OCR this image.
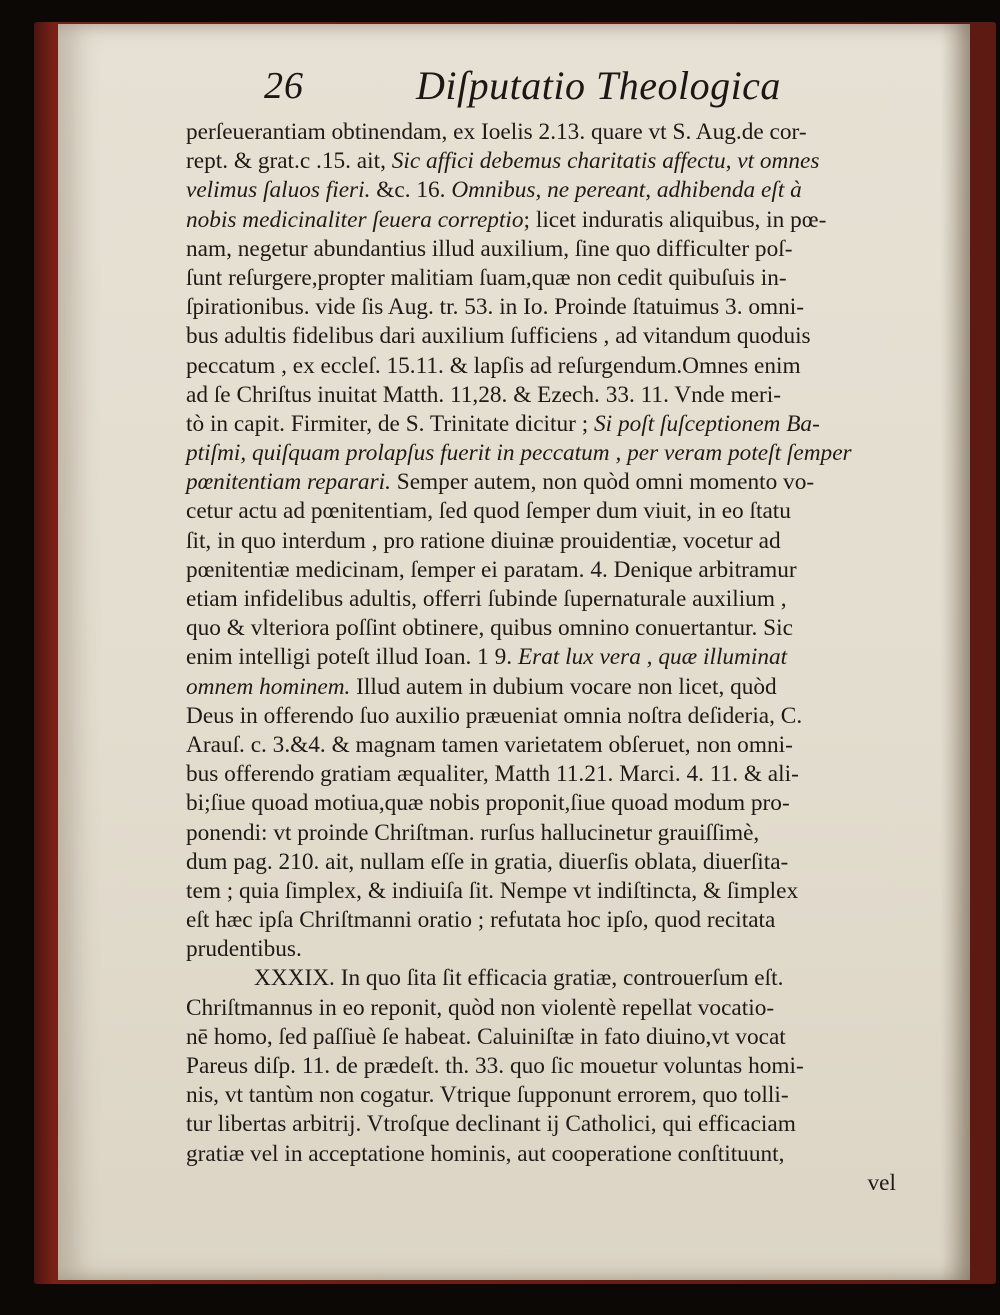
26	Diſputatio Theologica
perſeuerantiam obtinendam, ex Ioelis 2.13. quare vt S. Aug.de cor-
rept. & grat.c .15. ait, Sic affici debemus charitatis affectu, vt omnes
velimus ſaluos fieri. &c. 16. Omnibus, ne pereant, adhibenda eſt à
nobis medicinaliter ſeuera correptio; licet induratis aliquibus, in pœ-
nam, negetur abundantius illud auxilium, ſine quo difficulter poſ-
ſunt reſurgere,propter malitiam ſuam,quæ non cedit quibuſuis in-
ſpirationibus. vide ſis Aug. tr. 53. in Io. Proinde ſtatuimus 3. omni-
bus adultis fidelibus dari auxilium ſufficiens , ad vitandum quoduis
peccatum , ex eccleſ. 15.11. & lapſis ad reſurgendum.Omnes enim
ad ſe Chriſtus inuitat Matth. 11,28. & Ezech. 33. 11. Vnde meri-
tò in capit. Firmiter, de S. Trinitate dicitur ; Si poſt ſuſceptionem Ba-
ptiſmi, quiſquam prolapſus fuerit in peccatum , per veram poteſt ſemper
pœnitentiam reparari. Semper autem, non quòd omni momento vo-
cetur actu ad pœnitentiam, ſed quod ſemper dum viuit, in eo ſtatu
ſit, in quo interdum , pro ratione diuinæ prouidentiæ, vocetur ad
pœnitentiæ medicinam, ſemper ei paratam. 4. Denique arbitramur
etiam infidelibus adultis, offerri ſubinde ſupernaturale auxilium ,
quo & vlteriora poſſint obtinere, quibus omnino conuertantur. Sic
enim intelligi poteſt illud Ioan. 1 9. Erat lux vera , quæ illuminat
omnem hominem. Illud autem in dubium vocare non licet, quòd
Deus in offerendo ſuo auxilio præueniat omnia noſtra deſideria, C.
Arauſ. c. 3.&4. & magnam tamen varietatem obſeruet, non omni-
bus offerendo gratiam æqualiter, Matth 11.21. Marci. 4. 11. & ali-
bi;ſiue quoad motiua,quæ nobis proponit,ſiue quoad modum pro-
ponendi: vt proinde Chriſtman. rurſus hallucinetur grauiſſimè,
dum pag. 210. ait, nullam eſſe in gratia, diuerſis oblata, diuerſita-
tem ; quia ſimplex, & indiuiſa ſit. Nempe vt indiſtincta, & ſimplex
eſt hæc ipſa Chriſtmanni oratio ; refutata hoc ipſo, quod recitata
prudentibus.
XXXIX. In quo ſita ſit efficacia gratiæ, controuerſum eſt.
Chriſtmannus in eo reponit, quòd non violentè repellat vocatio-
nē homo, ſed paſſiuè ſe habeat. Caluiniſtæ in fato diuino,vt vocat
Pareus diſp. 11. de prædeſt. th. 33. quo ſic mouetur voluntas homi-
nis, vt tantùm non cogatur. Vtrique ſupponunt errorem, quo tolli-
tur libertas arbitrij. Vtroſque declinant ij Catholici, qui efficaciam
gratiæ vel in acceptatione hominis, aut cooperatione conſtituunt,
vel
